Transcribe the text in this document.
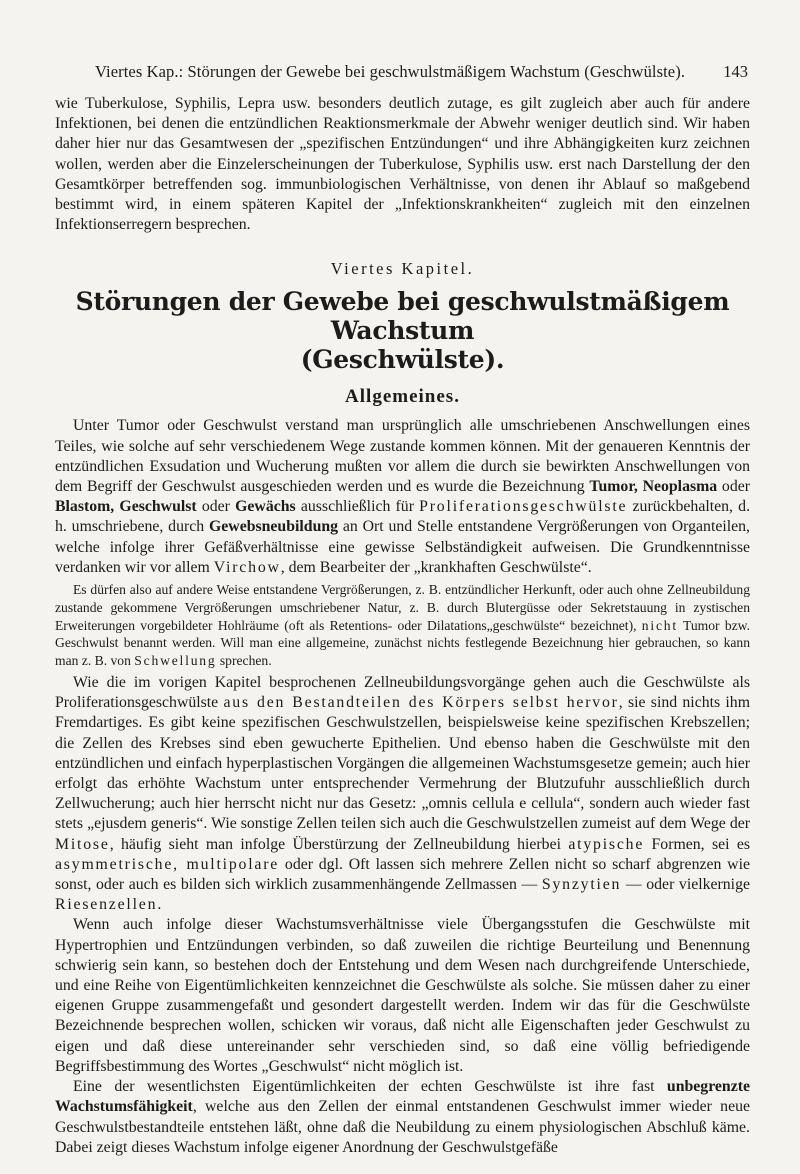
Viertes Kap.: Störungen der Gewebe bei geschwulstmäßigem Wachstum (Geschwülste).	143

wie Tuberkulose, Syphilis, Lepra usw. besonders deutlich zutage, es gilt zugleich aber auch für andere Infektionen, bei denen die entzündlichen Reaktionsmerkmale der Abwehr weniger deutlich sind. Wir haben daher hier nur das Gesamtwesen der „spezifischen Entzündungen“ und ihre Abhängigkeiten kurz zeichnen wollen, werden aber die Einzelerscheinungen der Tuberkulose, Syphilis usw. erst nach Darstellung der den Gesamtkörper betreffenden sog. immunbiologischen Verhältnisse, von denen ihr Ablauf so maßgebend bestimmt wird, in einem späteren Kapitel der „Infektionskrankheiten“ zugleich mit den einzelnen Infektionserregern besprechen.

Viertes Kapitel.
Störungen der Gewebe bei geschwulstmäßigem Wachstum
(Geschwülste).
Allgemeines.

Unter Tumor oder Geschwulst verstand man ursprünglich alle umschriebenen Anschwellungen eines Teiles, wie solche auf sehr verschiedenem Wege zustande kommen können. Mit der genaueren Kenntnis der entzündlichen Exsudation und Wucherung mußten vor allem die durch sie bewirkten Anschwellungen von dem Begriff der Geschwulst ausgeschieden werden und es wurde die Bezeichnung Tumor, Neoplasma oder Blastom, Geschwulst oder Gewächs ausschließlich für Proliferationsgeschwülste zurückbehalten, d. h. umschriebene, durch Gewebsneubildung an Ort und Stelle entstandene Vergrößerungen von Organteilen, welche infolge ihrer Gefäßverhältnisse eine gewisse Selbständigkeit aufweisen. Die Grundkenntnisse verdanken wir vor allem Virchow, dem Bearbeiter der „krankhaften Geschwülste“.

Es dürfen also auf andere Weise entstandene Vergrößerungen, z. B. entzündlicher Herkunft, oder auch ohne Zellneubildung zustande gekommene Vergrößerungen umschriebener Natur, z. B. durch Blutergüsse oder Sekretstauung in zystischen Erweiterungen vorgebildeter Hohlräume (oft als Retentions- oder Dilatations„geschwülste“ bezeichnet), nicht Tumor bzw. Geschwulst benannt werden. Will man eine allgemeine, zunächst nichts festlegende Bezeichnung hier gebrauchen, so kann man z. B. von Schwellung sprechen.

Wie die im vorigen Kapitel besprochenen Zellneubildungsvorgänge gehen auch die Geschwülste als Proliferationsgeschwülste aus den Bestandteilen des Körpers selbst hervor, sie sind nichts ihm Fremdartiges. Es gibt keine spezifischen Geschwulstzellen, beispielsweise keine spezifischen Krebszellen; die Zellen des Krebses sind eben gewucherte Epithelien. Und ebenso haben die Geschwülste mit den entzündlichen und einfach hyperplastischen Vorgängen die allgemeinen Wachstumsgesetze gemein; auch hier erfolgt das erhöhte Wachstum unter entsprechender Vermehrung der Blutzufuhr ausschließlich durch Zellwucherung; auch hier herrscht nicht nur das Gesetz: „omnis cellula e cellula“, sondern auch wieder fast stets „ejusdem generis“. Wie sonstige Zellen teilen sich auch die Geschwulstzellen zumeist auf dem Wege der Mitose, häufig sieht man infolge Überstürzung der Zellneubildung hierbei atypische Formen, sei es asymmetrische, multipolare oder dgl. Oft lassen sich mehrere Zellen nicht so scharf abgrenzen wie sonst, oder auch es bilden sich wirklich zusammenhängende Zellmassen — Synzytien — oder vielkernige Riesenzellen.

Wenn auch infolge dieser Wachstumsverhältnisse viele Übergangsstufen die Geschwülste mit Hypertrophien und Entzündungen verbinden, so daß zuweilen die richtige Beurteilung und Benennung schwierig sein kann, so bestehen doch der Entstehung und dem Wesen nach durchgreifende Unterschiede, und eine Reihe von Eigentümlichkeiten kennzeichnet die Geschwülste als solche. Sie müssen daher zu einer eigenen Gruppe zusammengefaßt und gesondert dargestellt werden. Indem wir das für die Geschwülste Bezeichnende besprechen wollen, schicken wir voraus, daß nicht alle Eigenschaften jeder Geschwulst zu eigen und daß diese untereinander sehr verschieden sind, so daß eine völlig befriedigende Begriffsbestimmung des Wortes „Geschwulst“ nicht möglich ist.

Eine der wesentlichsten Eigentümlichkeiten der echten Geschwülste ist ihre fast unbegrenzte Wachstumsfähigkeit, welche aus den Zellen der einmal entstandenen Geschwulst immer wieder neue Geschwulstbestandteile entstehen läßt, ohne daß die Neubildung zu einem physiologischen Abschluß käme. Dabei zeigt dieses Wachstum infolge eigener Anordnung der Geschwulstgefäße
